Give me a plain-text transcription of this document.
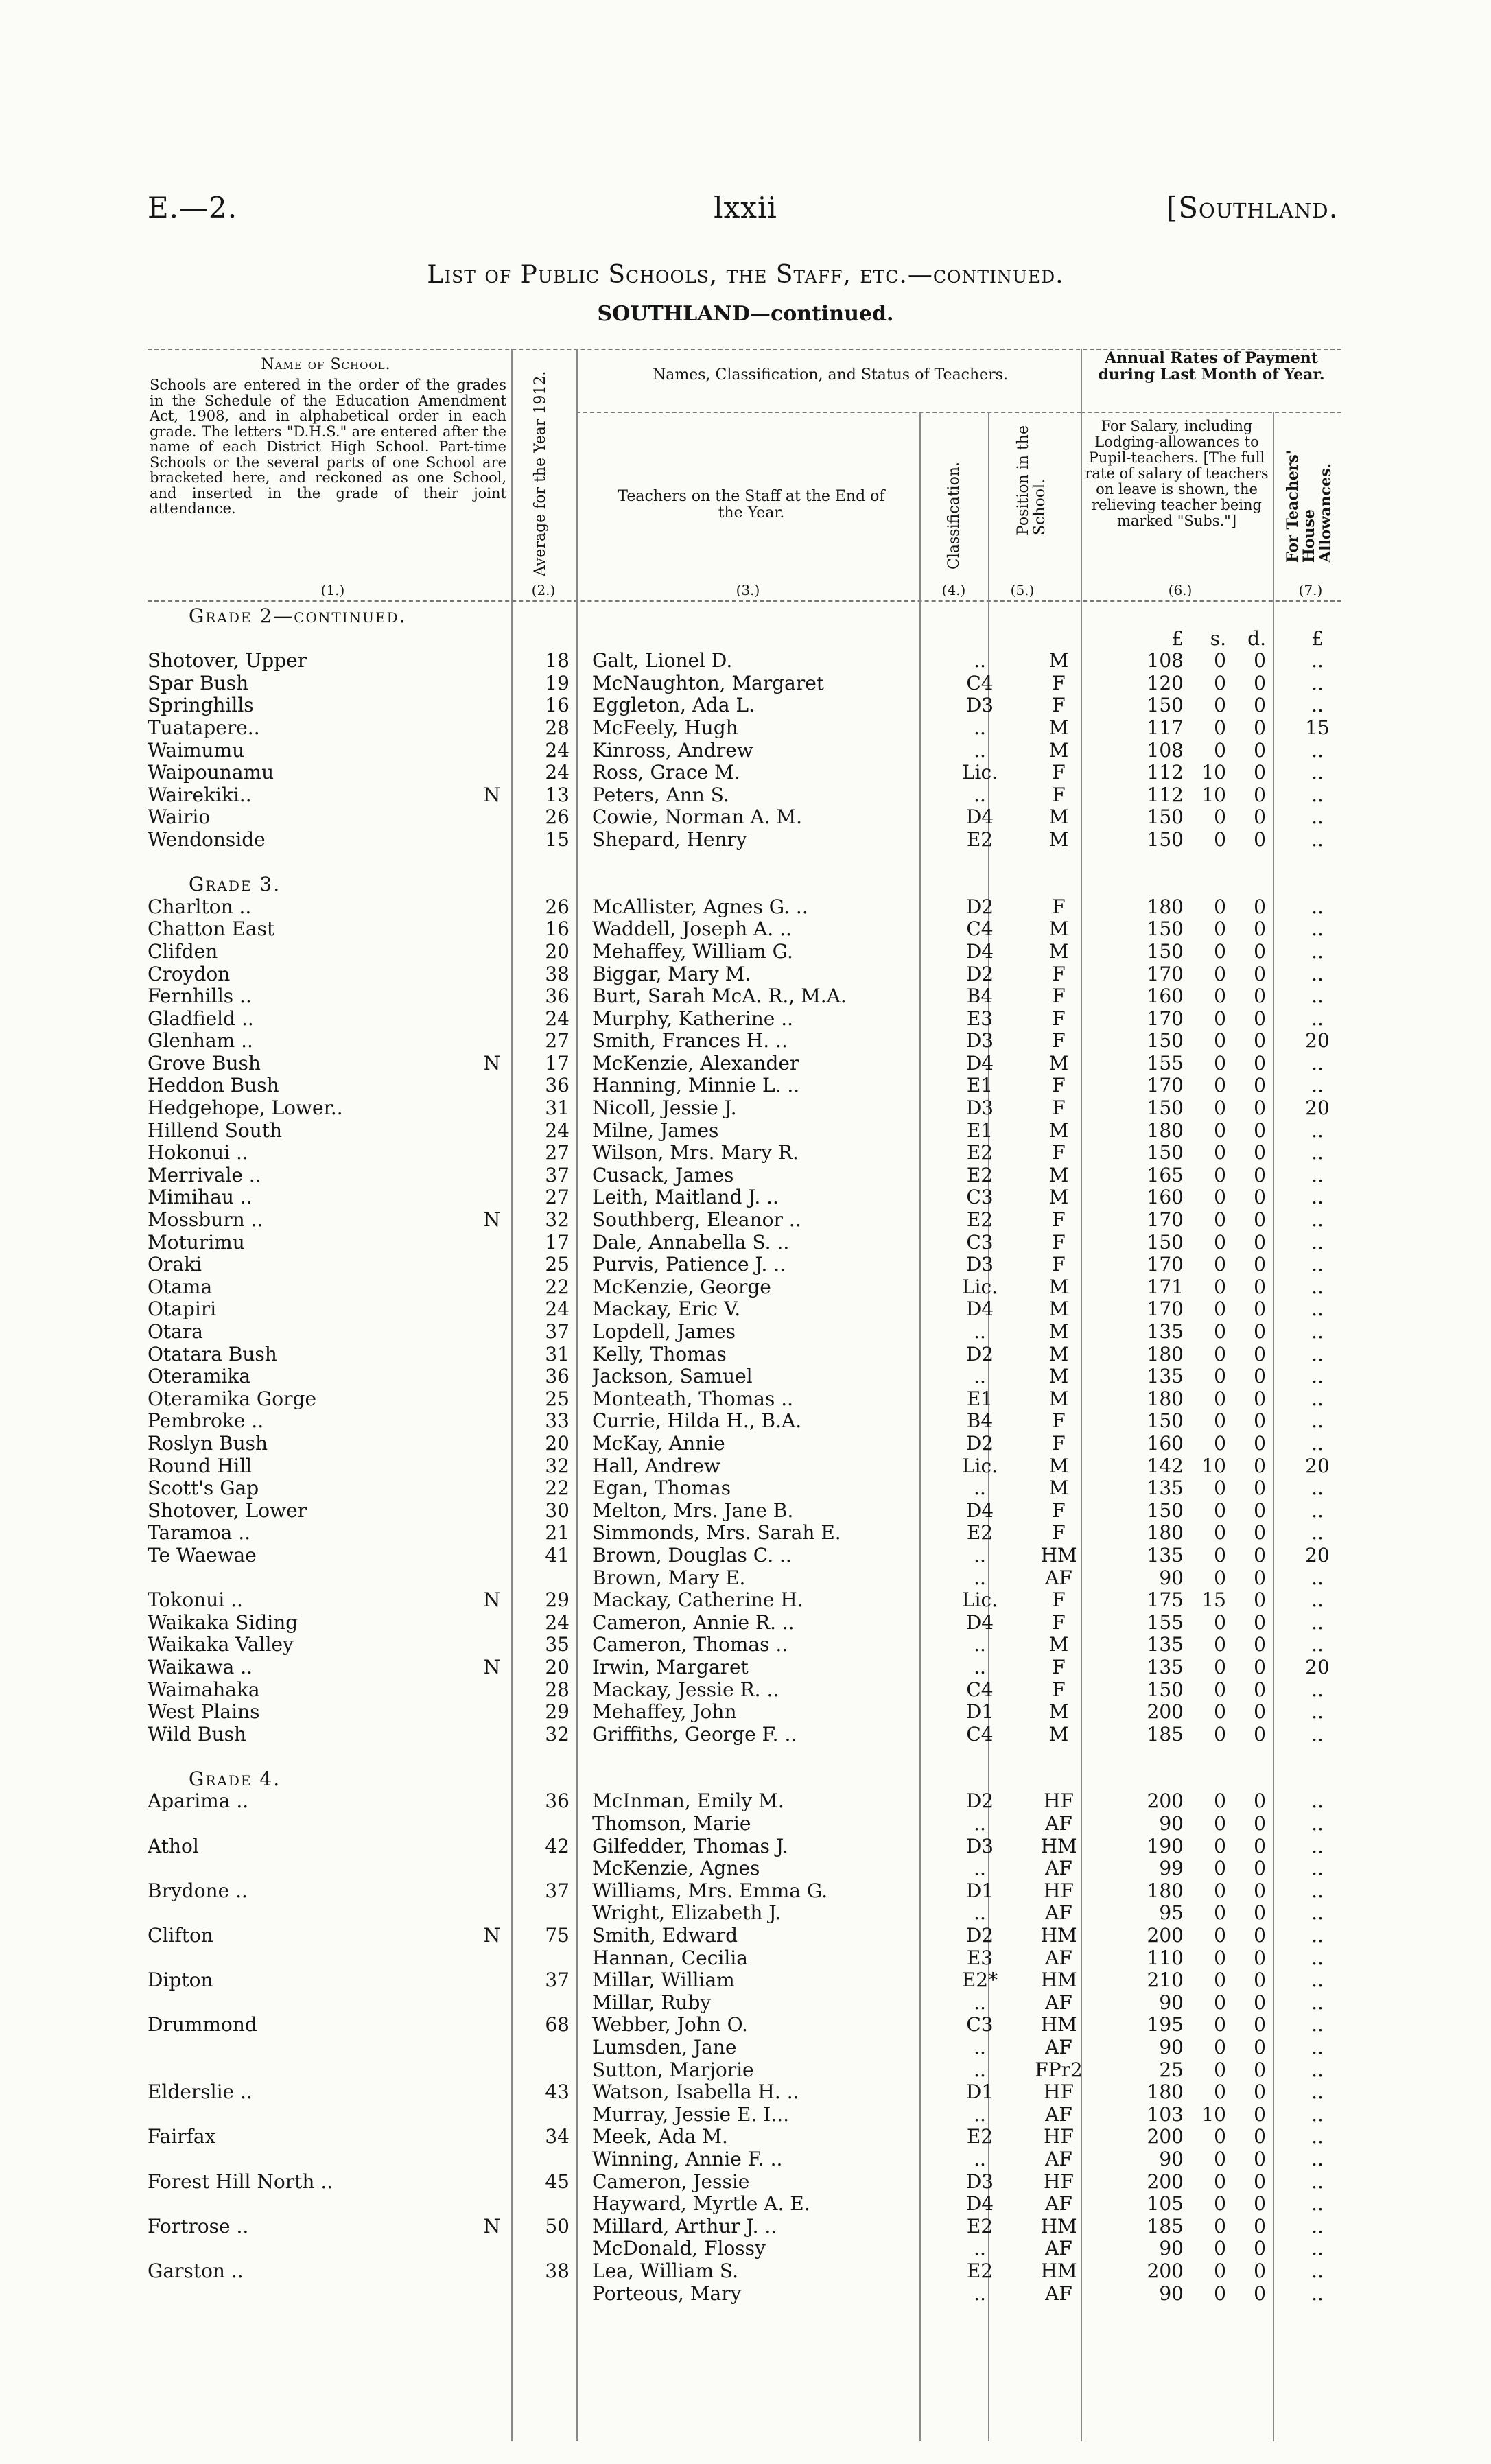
E.—2.	lxxii	[Southland.
List of Public Schools, the Staff, etc.—continued.
SOUTHLAND—continued.
Name of School.
Schools are entered in the order of the grades in the Schedule of the Education Amendment Act, 1908, and in alphabetical order in each grade. The letters "D.H.S." are entered after the name of each District High School. Part-time Schools or the several parts of one School are bracketed here, and reckoned as one School, and inserted in the grade of their joint attendance.	Average for the Year 1912.	Names, Classification, and Status of Teachers.
Teachers on the Staff at the End of the Year.	Classification.	Position in the School.
Annual Rates of Payment during Last Month of Year.
For Salary, including Lodging-allowances to Pupil-teachers. [The full rate of salary of teachers on leave is shown, the relieving teacher being marked "Subs."]	For Teachers' House Allowances.
(1.)	(2.)	(3.)	(4.)	(5.)	(6.)	(7.)
Grade 2—continued.
£	s.	d.	£
Shotover, Upper	18 Galt, Lionel D.	..	M	108	0	0	..
Spar Bush	19 McNaughton, Margaret	C4	F	120	0	0	..
Springhills	16 Eggleton, Ada L.	D3	F	150	0	0	..
Tuatapere..	28 McFeely, Hugh	..	M	117	0	0	15
Waimumu	24 Kinross, Andrew	..	M	108	0	0	..
Waipounamu	24 Ross, Grace M.	Lic.	F	112 10	0	..
Wairekiki..	N	13 Peters, Ann S.	..	F	112 10	0	..
Wairio	26 Cowie, Norman A. M.	D4	M	150	0	0	..
Wendonside	15 Shepard, Henry	E2	M	150	0	0	..
Grade 3.
Charlton ..	26 McAllister, Agnes G. ..	D2	F	180	0	0	..
Chatton East	16 Waddell, Joseph A. ..	C4	M	150	0	0	..
Clifden	20 Mehaffey, William G.	D4	M	150	0	0	..
Croydon	38 Biggar, Mary M.	D2	F	170	0	0	..
Fernhills ..	36 Burt, Sarah McA. R., M.A.	B4	F	160	0	0	..
Gladfield ..	24 Murphy, Katherine ..	E3	F	170	0	0	..
Glenham ..	27 Smith, Frances H. ..	D3	F	150	0	0	20
Grove Bush	N	17 McKenzie, Alexander	D4	M	155	0	0	..
Heddon Bush	36 Hanning, Minnie L. ..	E1	F	170	0	0	..
Hedgehope, Lower..	31 Nicoll, Jessie J.	D3	F	150	0	0	20
Hillend South	24 Milne, James	E1	M	180	0	0	..
Hokonui ..	27 Wilson, Mrs. Mary R.	E2	F	150	0	0	..
Merrivale ..	37 Cusack, James	E2	M	165	0	0	..
Mimihau ..	27 Leith, Maitland J. ..	C3	M	160	0	0	..
Mossburn ..	N	32 Southberg, Eleanor ..	E2	F	170	0	0	..
Moturimu	17 Dale, Annabella S. ..	C3	F	150	0	0	..
Oraki	25 Purvis, Patience J. ..	D3	F	170	0	0	..
Otama	22 McKenzie, George	Lic.	M	171	0	0	..
Otapiri	24 Mackay, Eric V.	D4	M	170	0	0	..
Otara	37 Lopdell, James	..	M	135	0	0	..
Otatara Bush	31 Kelly, Thomas	D2	M	180	0	0	..
Oteramika	36 Jackson, Samuel	..	M	135	0	0	..
Oteramika Gorge	25 Monteath, Thomas ..	E1	M	180	0	0	..
Pembroke ..	33 Currie, Hilda H., B.A.	B4	F	150	0	0	..
Roslyn Bush	20 McKay, Annie	D2	F	160	0	0	..
Round Hill	32 Hall, Andrew	Lic.	M	142 10	0	20
Scott's Gap	22 Egan, Thomas	..	M	135	0	0	..
Shotover, Lower	30 Melton, Mrs. Jane B.	D4	F	150	0	0	..
Taramoa ..	21 Simmonds, Mrs. Sarah E.	E2	F	180	0	0	..
Te Waewae	41 Brown, Douglas C. ..	..	HM	135	0	0	20
Brown, Mary E.	..	AF	90	0	0	..
Tokonui ..	N	29 Mackay, Catherine H.	Lic.	F	175 15	0	..
Waikaka Siding	24 Cameron, Annie R. ..	D4	F	155	0	0	..
Waikaka Valley	35 Cameron, Thomas ..	..	M	135	0	0	..
Waikawa ..	N	20 Irwin, Margaret	..	F	135	0	0	20
Waimahaka	28 Mackay, Jessie R. ..	C4	F	150	0	0	..
West Plains	29 Mehaffey, John	D1	M	200	0	0	..
Wild Bush	32 Griffiths, George F. ..	C4	M	185	0	0	..
Grade 4.
Aparima ..	36 McInman, Emily M.	D2	HF	200	0	0	..
Thomson, Marie	..	AF	90	0	0	..
Athol	42 Gilfedder, Thomas J.	D3	HM	190	0	0	..
McKenzie, Agnes	..	AF	99	0	0	..
Brydone ..	37 Williams, Mrs. Emma G.	D1	HF	180	0	0	..
Wright, Elizabeth J.	..	AF	95	0	0	..
Clifton	N	75 Smith, Edward	D2	HM	200	0	0	..
Hannan, Cecilia	E3	AF	110	0	0	..
Dipton	37 Millar, William	E2*	HM	210	0	0	..
Millar, Ruby	..	AF	90	0	0	..
Drummond	68 Webber, John O.	C3	HM	195	0	0	..
Lumsden, Jane	..	AF	90	0	0	..
Sutton, Marjorie	..	FPr2	25	0	0	..
Elderslie ..	43 Watson, Isabella H. ..	D1	HF	180	0	0	..
Murray, Jessie E. I...	..	AF	103 10	0	..
Fairfax	34 Meek, Ada M.	E2	HF	200	0	0	..
Winning, Annie F. ..	..	AF	90	0	0	..
Forest Hill North ..	45 Cameron, Jessie	D3	HF	200	0	0	..
Hayward, Myrtle A. E.	D4	AF	105	0	0	..
Fortrose ..	N	50 Millard, Arthur J. ..	E2	HM	185	0	0	..
McDonald, Flossy	..	AF	90	0	0	..
Garston ..	38 Lea, William S.	E2	HM	200	0	0	..
Porteous, Mary	..	AF	90	0	0	..
